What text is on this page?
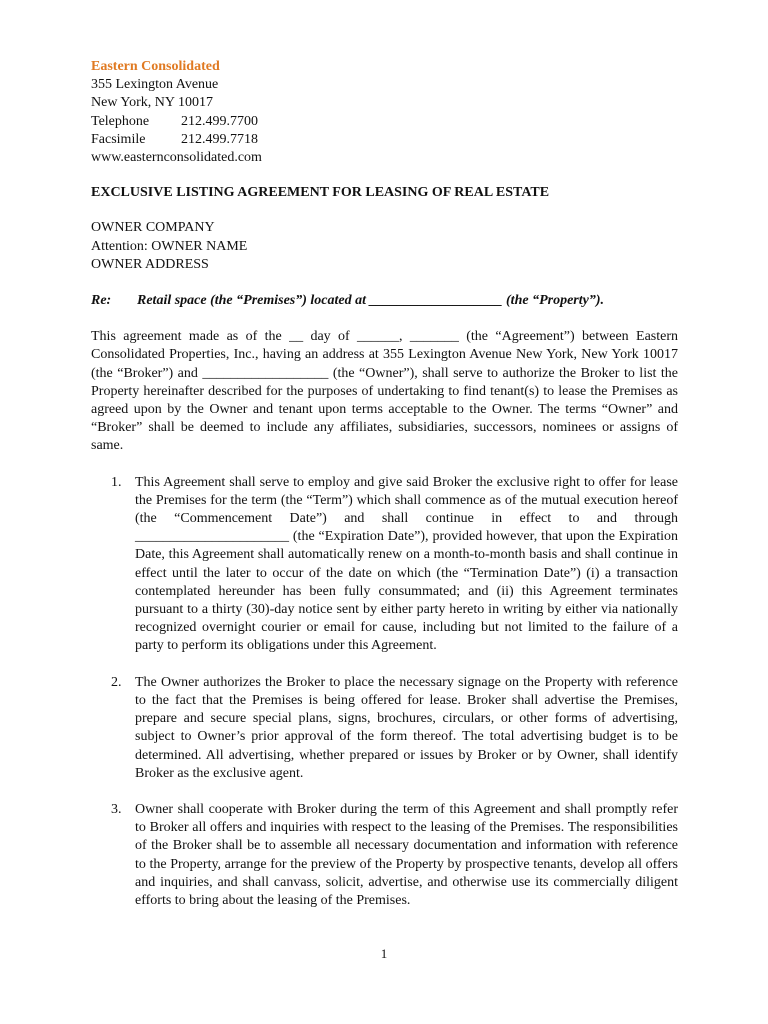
Eastern Consolidated
355 Lexington Avenue
New York, NY 10017
Telephone 212.499.7700
Facsimile	212.499.7718
www.easternconsolidated.com
EXCLUSIVE LISTING AGREEMENT FOR LEASING OF REAL ESTATE
OWNER COMPANY
Attention: OWNER NAME
OWNER ADDRESS
Re: Retail space (the “Premises”) located at ___________________ (the “Property”).
This agreement made as of the __ day of ______, _______ (the “Agreement”) between Eastern Consolidated Properties, Inc., having an address at 355 Lexington Avenue New York, New York 10017 (the “Broker”) and __________________ (the “Owner”), shall serve to authorize the Broker to list the Property hereinafter described for the purposes of undertaking to find tenant(s) to lease the Premises as agreed upon by the Owner and tenant upon terms acceptable to the Owner. The terms “Owner” and “Broker” shall be deemed to include any affiliates, subsidiaries, successors, nominees or assigns of same.
1. This Agreement shall serve to employ and give said Broker the exclusive right to offer for lease the Premises for the term (the “Term”) which shall commence as of the mutual execution hereof (the “Commencement Date”) and shall continue in effect to and through ______________________ (the “Expiration Date”), provided however, that upon the Expiration Date, this Agreement shall automatically renew on a month-to-month basis and shall continue in effect until the later to occur of the date on which (the “Termination Date”) (i) a transaction contemplated hereunder has been fully consummated; and (ii) this Agreement terminates pursuant to a thirty (30)-day notice sent by either party hereto in writing by either via nationally recognized overnight courier or email for cause, including but not limited to the failure of a party to perform its obligations under this Agreement.
2. The Owner authorizes the Broker to place the necessary signage on the Property with reference to the fact that the Premises is being offered for lease. Broker shall advertise the Premises, prepare and secure special plans, signs, brochures, circulars, or other forms of advertising, subject to Owner’s prior approval of the form thereof. The total advertising budget is to be determined. All advertising, whether prepared or issues by Broker or by Owner, shall identify Broker as the exclusive agent.
3. Owner shall cooperate with Broker during the term of this Agreement and shall promptly refer to Broker all offers and inquiries with respect to the leasing of the Premises. The responsibilities of the Broker shall be to assemble all necessary documentation and information with reference to the Property, arrange for the preview of the Property by prospective tenants, develop all offers and inquiries, and shall canvass, solicit, advertise, and otherwise use its commercially diligent efforts to bring about the leasing of the Premises.
1
